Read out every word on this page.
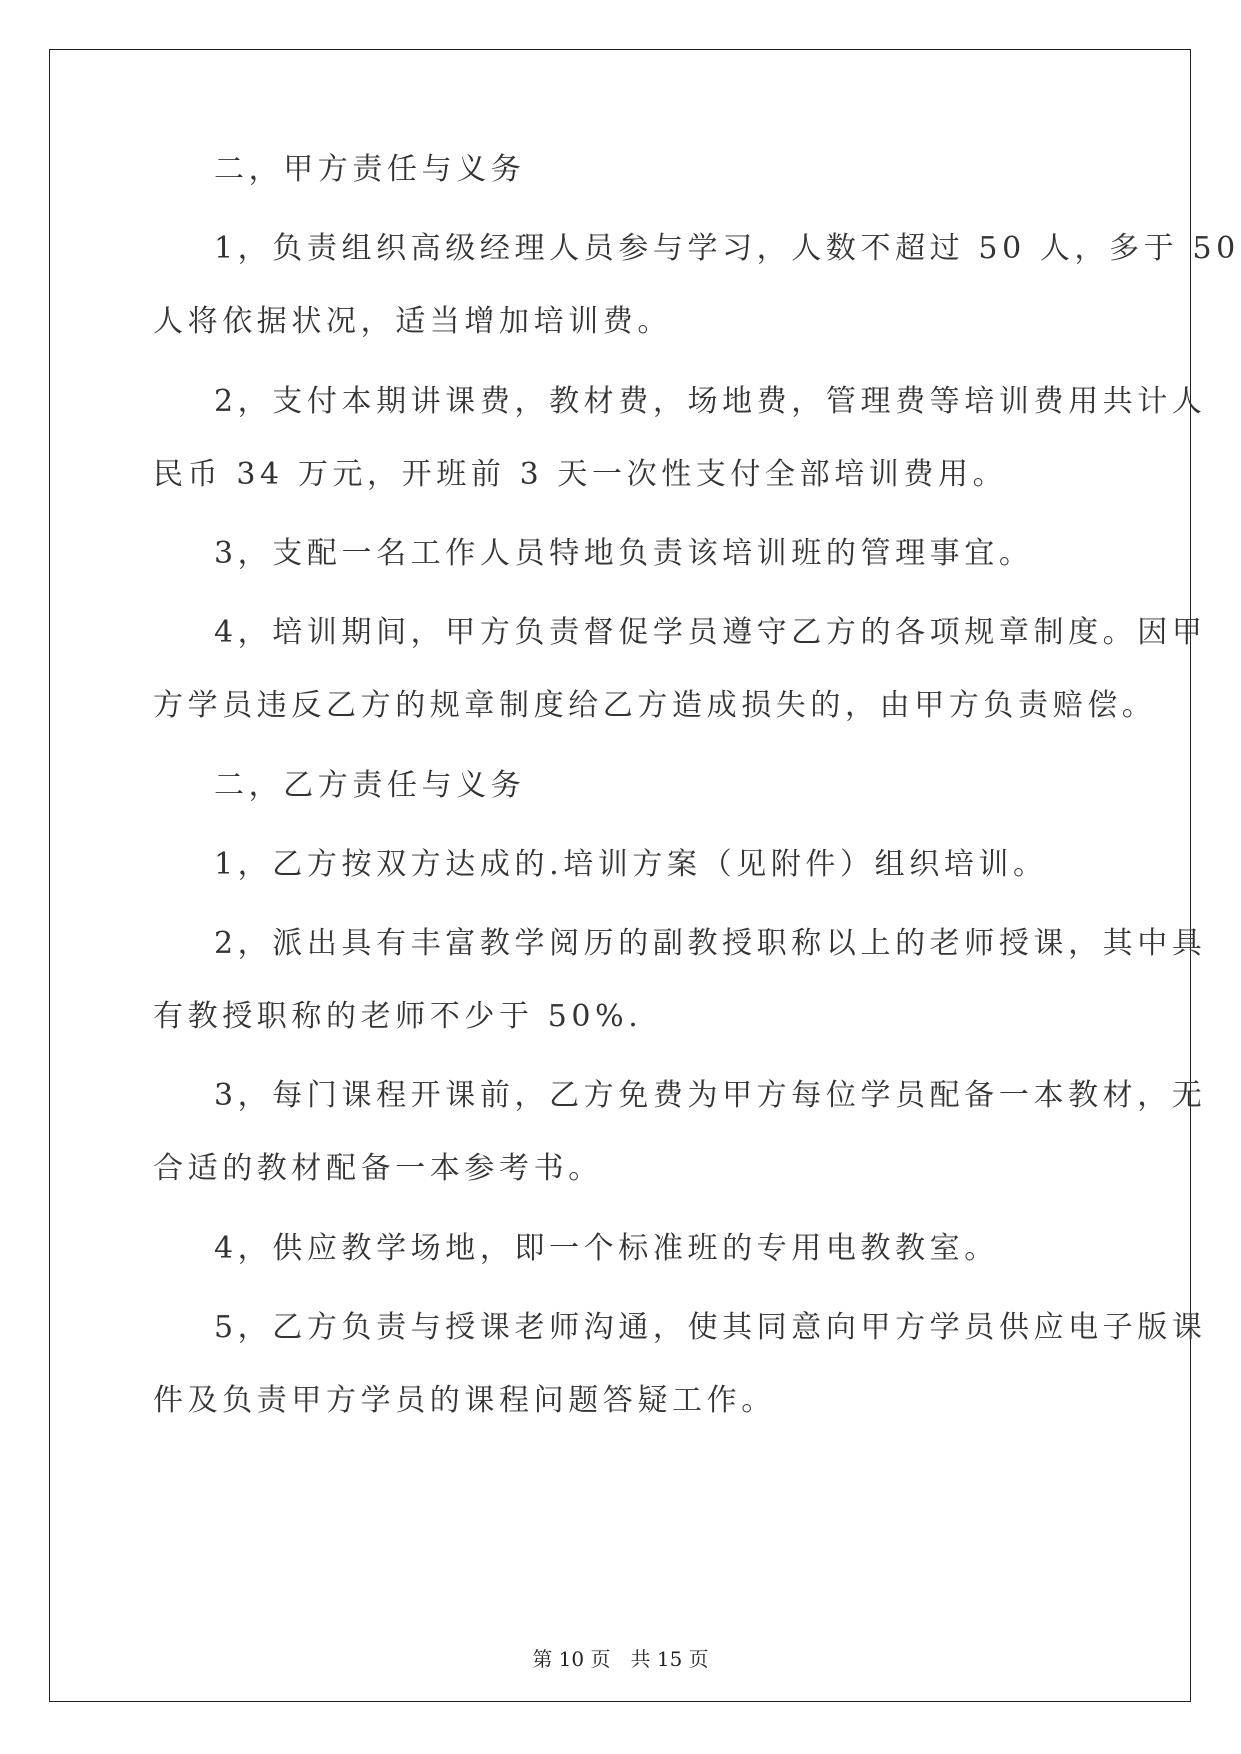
二，甲方责任与义务
1，负责组织高级经理人员参与学习，人数不超过 50 人，多于 50
人将依据状况，适当增加培训费。
2，支付本期讲课费，教材费，场地费，管理费等培训费用共计人
民币 34 万元，开班前 3 天一次性支付全部培训费用。
3，支配一名工作人员特地负责该培训班的管理事宜。
4，培训期间，甲方负责督促学员遵守乙方的各项规章制度。因甲
方学员违反乙方的规章制度给乙方造成损失的，由甲方负责赔偿。
二，乙方责任与义务
1，乙方按双方达成的.培训方案（见附件）组织培训。
2，派出具有丰富教学阅历的副教授职称以上的老师授课，其中具
有教授职称的老师不少于 50%.
3，每门课程开课前，乙方免费为甲方每位学员配备一本教材，无
合适的教材配备一本参考书。
4，供应教学场地，即一个标准班的专用电教教室。
5，乙方负责与授课老师沟通，使其同意向甲方学员供应电子版课
件及负责甲方学员的课程问题答疑工作。
第 10 页　共 15 页
